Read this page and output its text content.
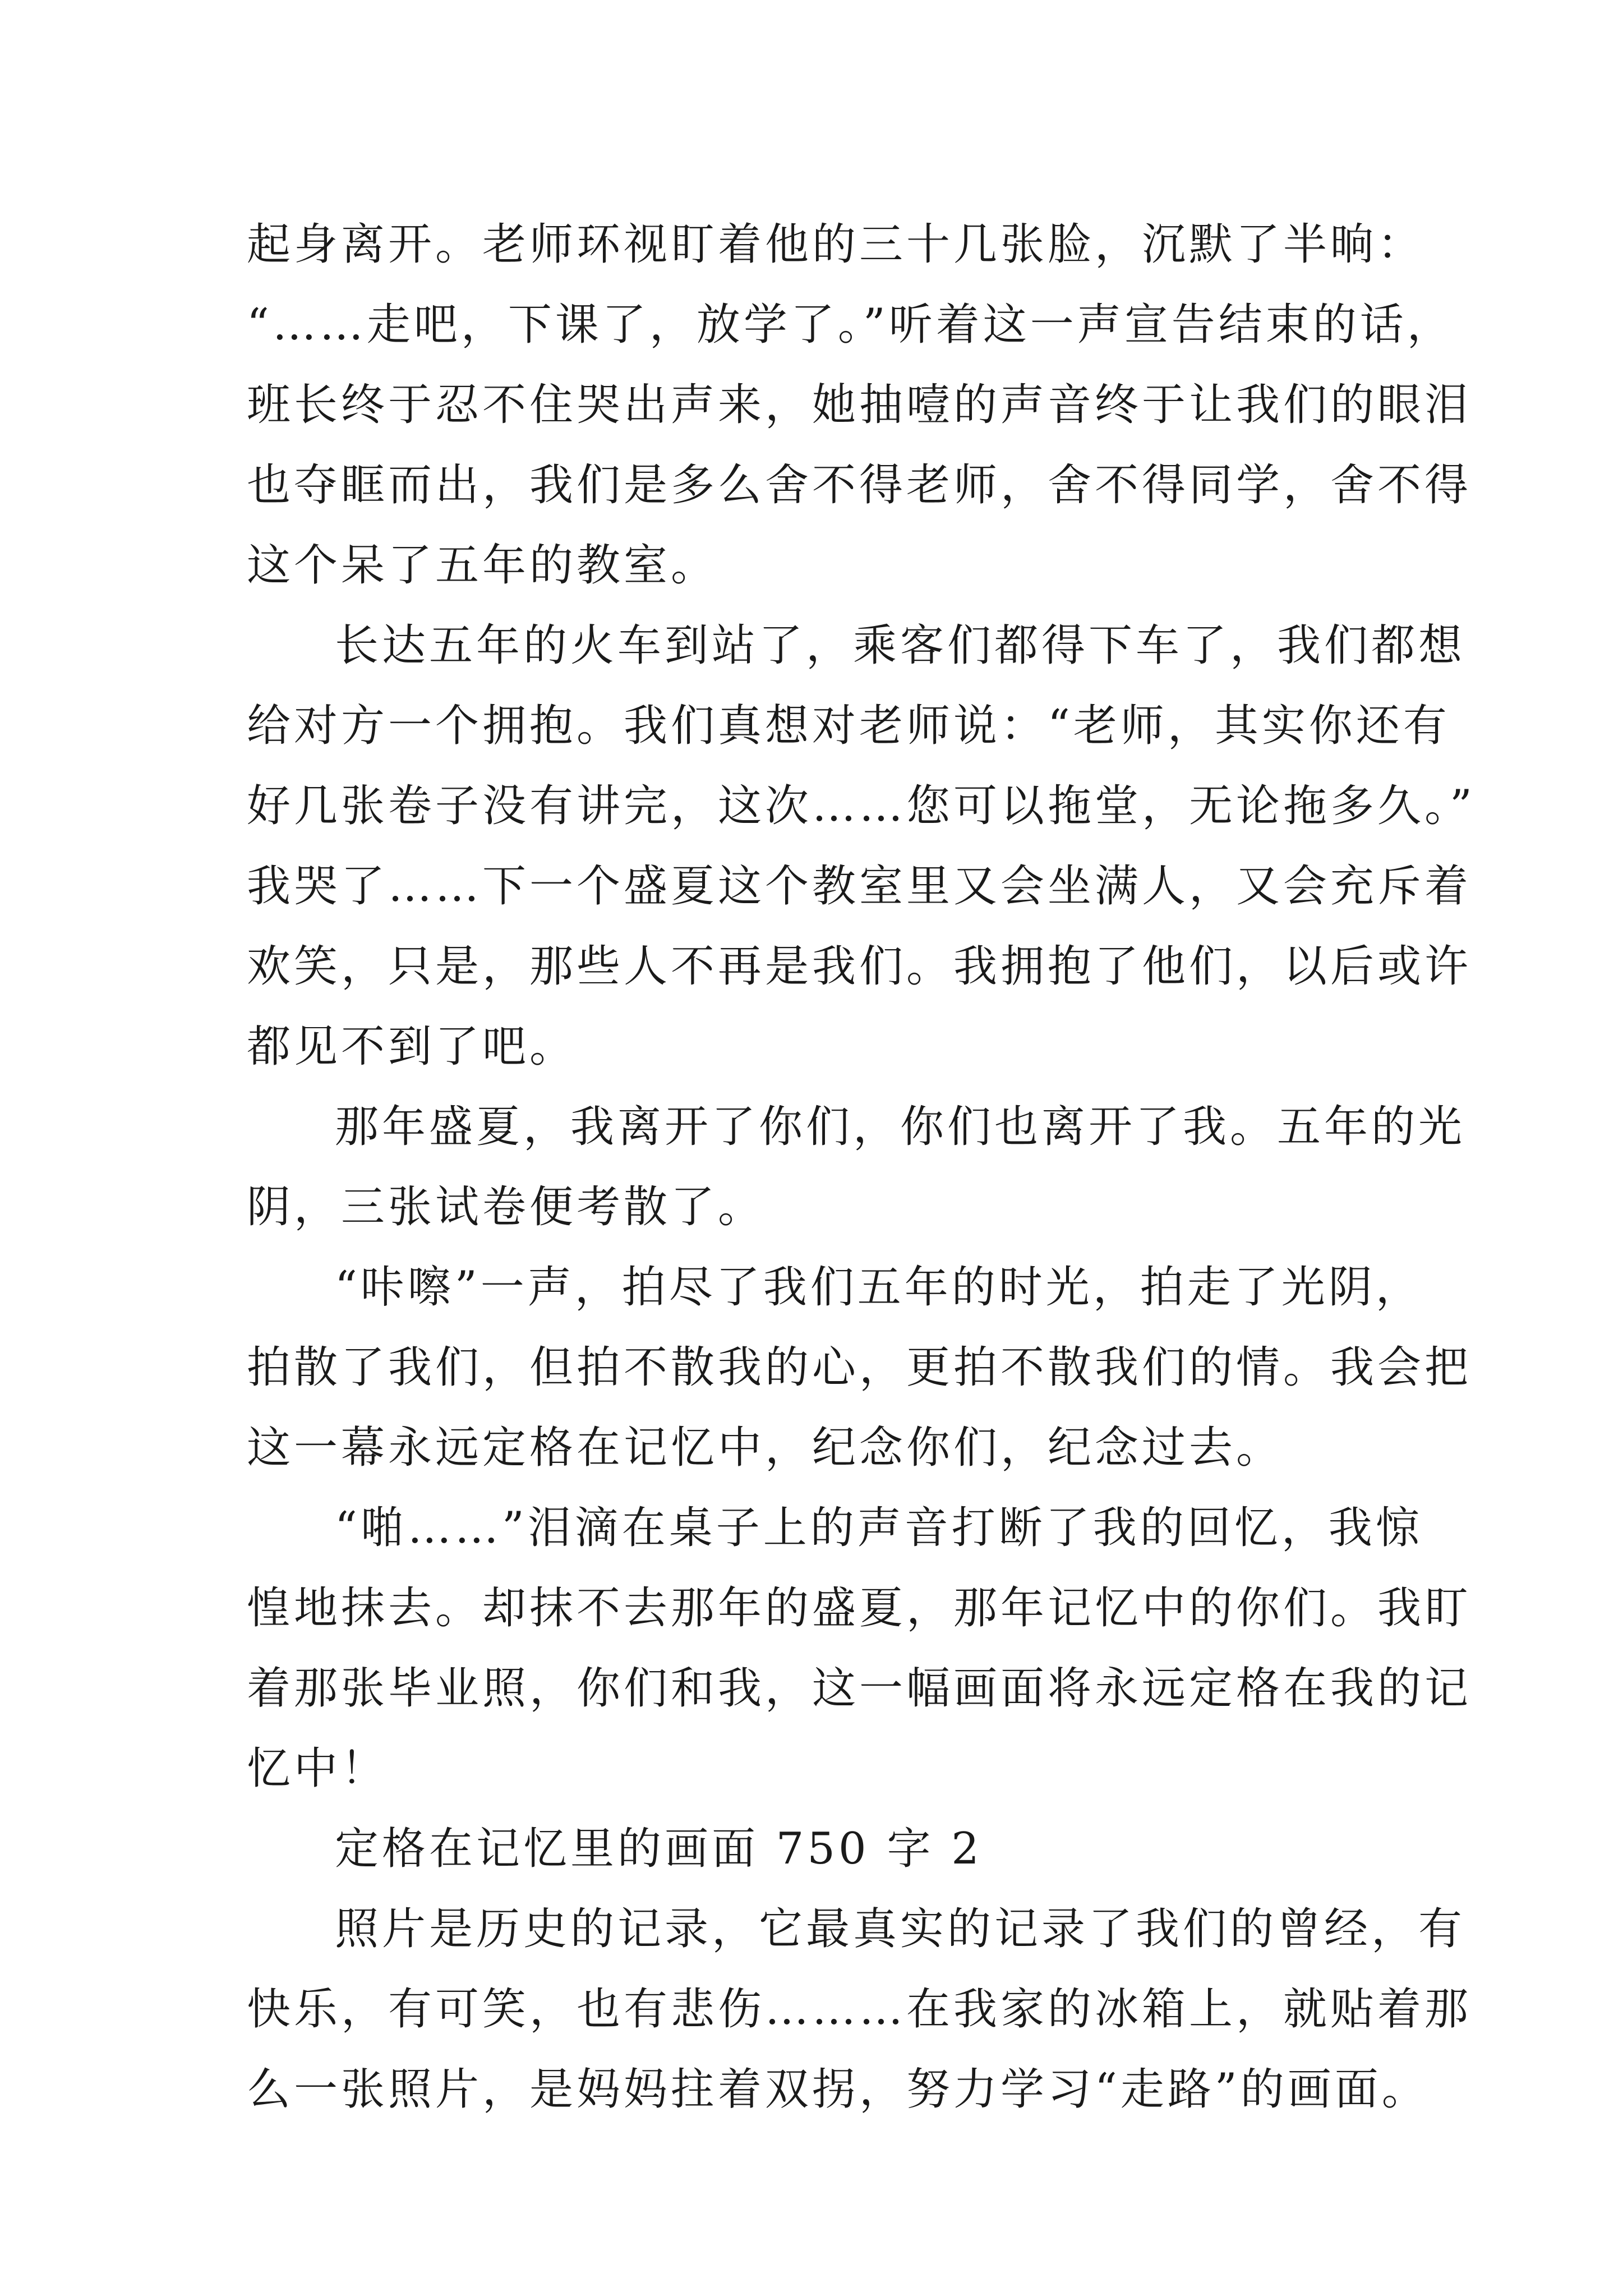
起身离开。老师环视盯着他的三十几张脸，沉默了半晌：
“……走吧，下课了，放学了。”听着这一声宣告结束的话，
班长终于忍不住哭出声来，她抽噎的声音终于让我们的眼泪
也夺眶而出，我们是多么舍不得老师，舍不得同学，舍不得
这个呆了五年的教室。
长达五年的火车到站了，乘客们都得下车了，我们都想
给对方一个拥抱。我们真想对老师说：“老师，其实你还有
好几张卷子没有讲完，这次……您可以拖堂，无论拖多久。”
我哭了……下一个盛夏这个教室里又会坐满人，又会充斥着
欢笑，只是，那些人不再是我们。我拥抱了他们，以后或许
都见不到了吧。
那年盛夏，我离开了你们，你们也离开了我。五年的光
阴，三张试卷便考散了。
“咔嚓”一声，拍尽了我们五年的时光，拍走了光阴，
拍散了我们，但拍不散我的心，更拍不散我们的情。我会把
这一幕永远定格在记忆中，纪念你们，纪念过去。
“啪……”泪滴在桌子上的声音打断了我的回忆，我惊
惶地抹去。却抹不去那年的盛夏，那年记忆中的你们。我盯
着那张毕业照，你们和我，这一幅画面将永远定格在我的记
忆中！
定格在记忆里的画面 750 字 2
照片是历史的记录，它最真实的记录了我们的曾经，有
快乐，有可笑，也有悲伤………在我家的冰箱上，就贴着那
么一张照片，是妈妈拄着双拐，努力学习“走路”的画面。
